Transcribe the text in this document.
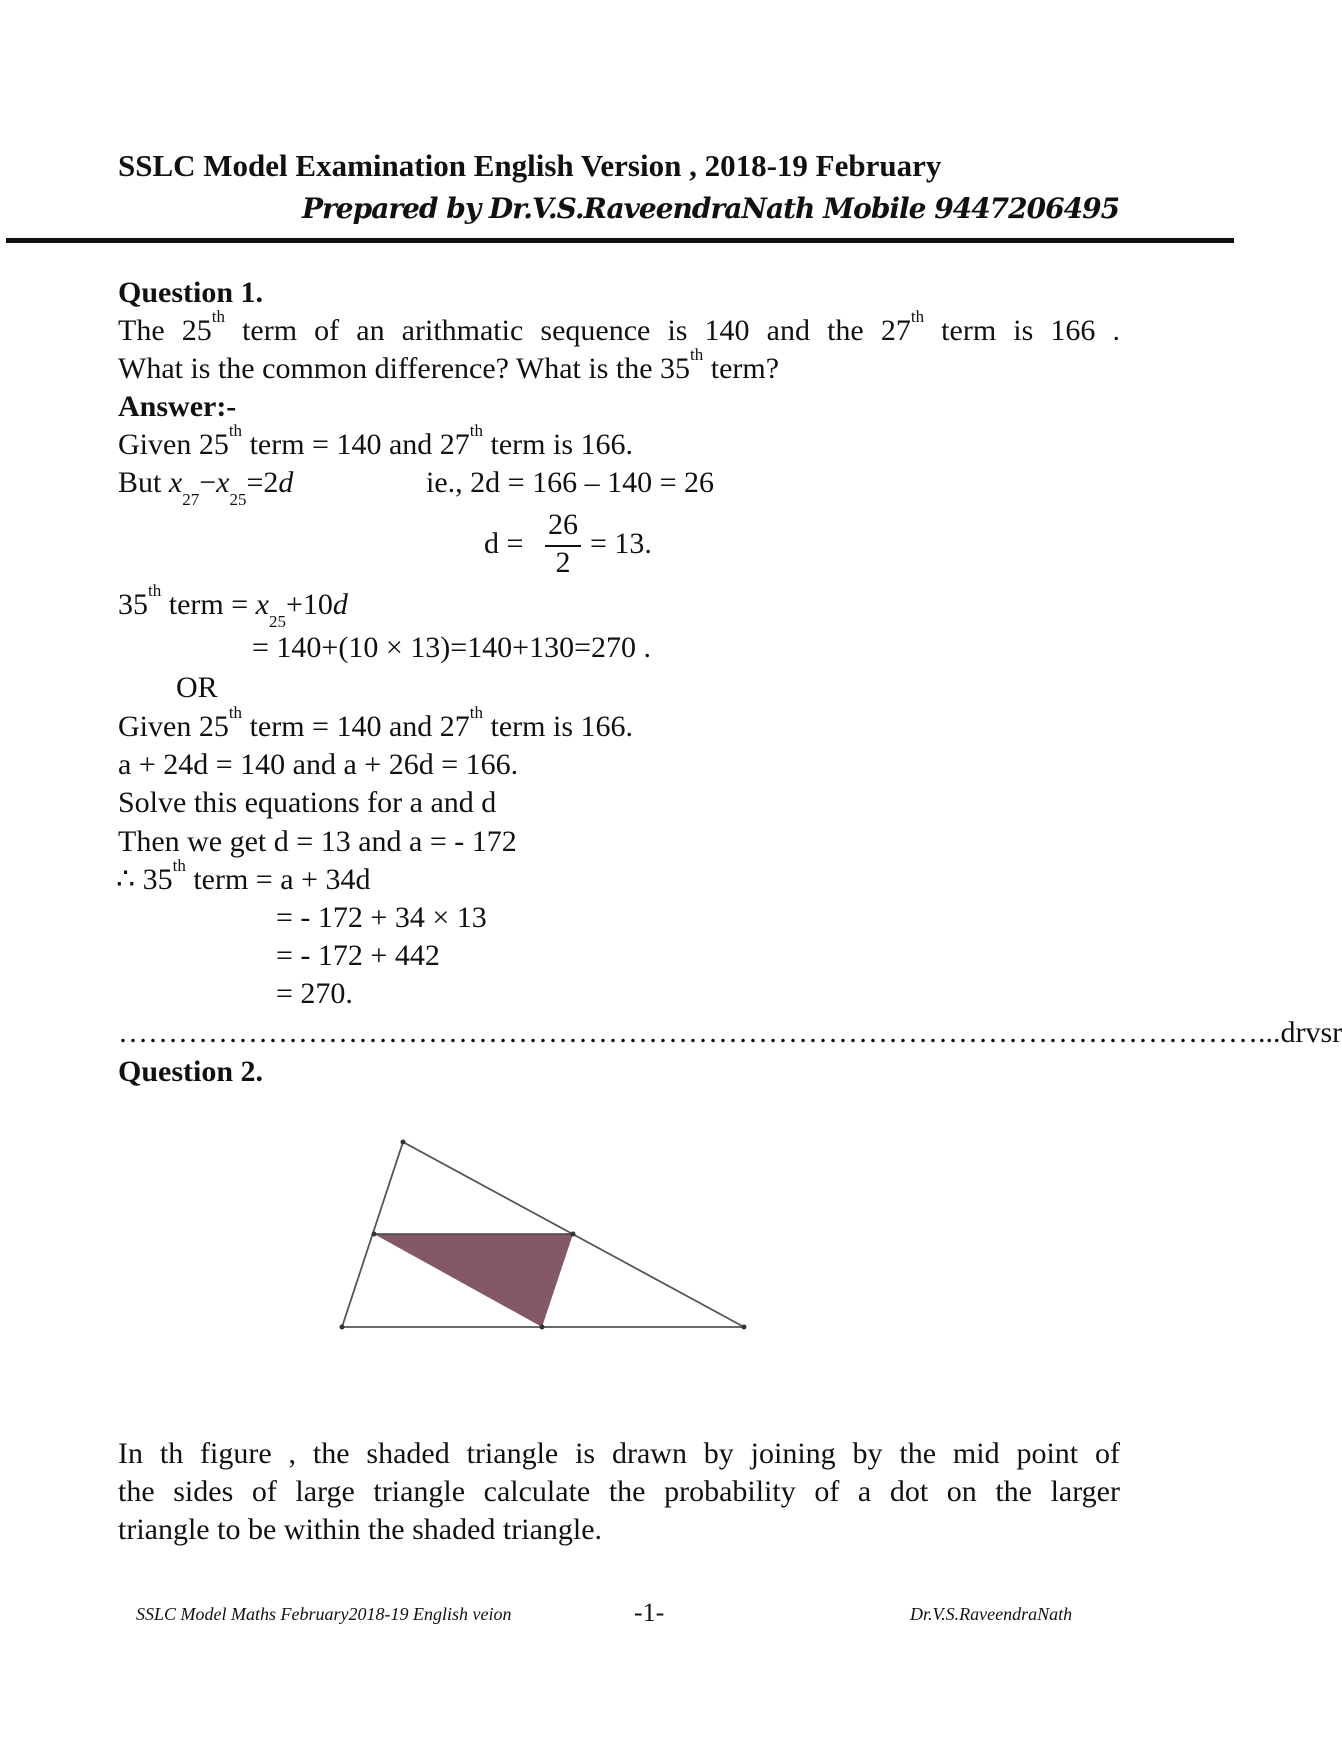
SSLC Model Examination English Version , 2018-19 February
Prepared by Dr.V.S.RaveendraNath Mobile 9447206495
Question 1.
The 25th term of an arithmatic sequence is 140 and the 27th term is 166 .
What is the common difference? What is the 35th term?
Answer:-
Given 25th term = 140 and 27th term is 166.
But $x_{27}-x_{25}=2d$	ie., 2d = 166 – 140 = 26
d =
26
2
= 13.
35th term = $x_{25}+10d$
= 140+(10 × 13)=140+130=270 .
OR
Given 25th term = 140 and 27th term is 166.
a + 24d = 140 and a + 26d = 166.
Solve this equations for a and d
Then we get d = 13 and a = - 172
∴ 35th term = a + 34d
= - 172 + 34 × 13
= - 172 + 442
= 270.
…………………………………………………………………………………………………… ...drvsr
Question 2.
In th figure , the shaded triangle is drawn by joining by the mid point of
the sides of large triangle calculate the probability of a dot on the larger
triangle to be within the shaded triangle.
SSLC Model Maths February2018-19 English veion	-1-	Dr.V.S.RaveendraNath
